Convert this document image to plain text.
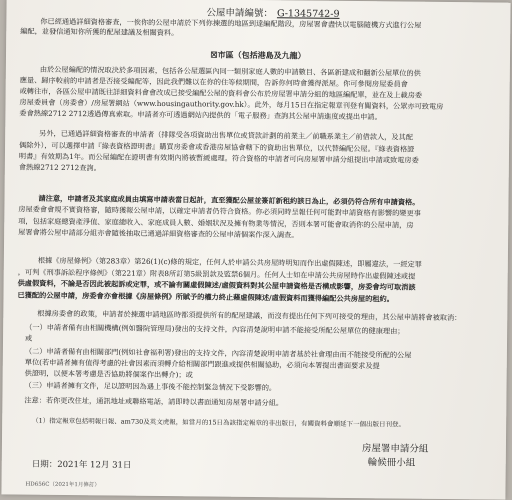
公屋申請編號： G-1345742-9
你已經通過詳細資格審查，一俟你的公屋申請於下列你揀選的地區到達編配階段，房屋署會盡快以電腦隨機方式進行公屋
編配，並發信通知你所獲的配屋建議及相關資料。
☒市區（包括港島及九龍）
由於公屋編配的情況取決於多項因素，包括各公屋選區內同一類別家庭人數的申請數目、各區新建成和翻新公屋單位的供
應量、歸序較前的申請者是否接受編配等，因此我們難以在你的住等候期間，告訴你何時會獲得派屋。你可參閱房屋委員會
或轉往市，各區公屋申請既往詳細資料會會改成已接受編配公屋的資料會公布於房屋署申請分組的地區編配單，並在及上載房委
房屋委員會（房委會）/房屋署網站（www.housingauthority.gov.hk）。此外，每月15日在指定報章刊登有關資料，公眾亦可致電房
委會熱線2712 2712透過傳真索取。申請者亦可透過網站內提供的「電子服務」查詢其公屋申請進度或提出申請。
另外，已通過詳細資格審查的申請者（排隊受各項資助出售單位或貸款計劃的前業主／前職系業主／前借款人，及其配
偶除外），可以選擇申請『綠表資格證明書』購買房委會或香港房屋協會轄下的資助出售單位，以代替編配公屋。『綠表資格證
明書』有效期為1年。而公屋編配在證明書有效期內將被暫緩處理。符合資格的申請者可向房屋署申請分組提出申請或致電房委
會熱線2712 2712查詢。
請注意，申請者及其家庭成員由填寫申請表當日起計，直至獲配公屋並簽訂新租約該日為止，必須仍符合所有申請資格。
房屋委會會規不實資格審，隨時獲報公屋申請，以確定申請者仍符合資格。你必須同時呈報任何可能對申請資格有影響的變更事
項，包括家庭總資產淨值、家庭總收入、家庭成員人數、婚姻狀況及擁有物業等情況，否則本署可能會取消你的公屋申請，房
屋署會將公屋申請部分組亦會隨後抽取已通過詳細資格審查的公屋申請個案作深入調查。
根據《房屋條例》（第283章）第26(1)(c)條的規定，任何人於申請公共房屋時明知而作出虛假陳述，即屬違法，一經定罪
，可判《刑事訴訟程序條例》（第221章）附表8所訂第5級罰款及監禁6個月。任何人士如在申請公共房屋時作出虛假陳述或提
供虛假資料，不論是否因此被起訴或定罪，或不論有關虛假陳述/虛假資料對其公屋申請資格是否構成影響，房委會均可取消該
已獲配的公屋申請，房委會亦會根據《房屋條例》所賦予的權力終止藉虛假陳述/虛假資料而獲得編配公共房屋的租約。
根據房委會的政策，申請者於揀選申請地區時都須提供所有的配屋建議，而沒有提出任何下列可接受的理由，其公屋申請將會被取消：
（一）申請者備有由相關機構(例如醫院管理局)發出的支持文件，內容清楚說明申請不能接受所配公屋單位的健康理由；
或
（二）申請者備有由相關部門(例如社會福利署)發出的支持文件，內容清楚說明申請者基於社會理由而不能接受所配的公屋
單位(若申請者擁有值得考慮的社會因素而須轉介給相關部門跟進或提供相關協助，必須向本署提出書面要求及提
供證明，以便本署考慮是否協助將個案作出轉介)；或
（三）申請者擁有文件，足以證明因為遇上事後不能控制緊急情況下受影響的。
注意：若你更改住址，通訊地址或聯絡電話，請即時以書面通知房屋署申請分組。
（1）指定報章包括明報日報、am730及英文虎報，如當月的15日為該指定報章的非出版日，有關資料會順延下一個出版日刊登。
房屋署申請分組
輪候冊小組
日期：2021年 12月 31日
HD656C（2021年1月修訂）
